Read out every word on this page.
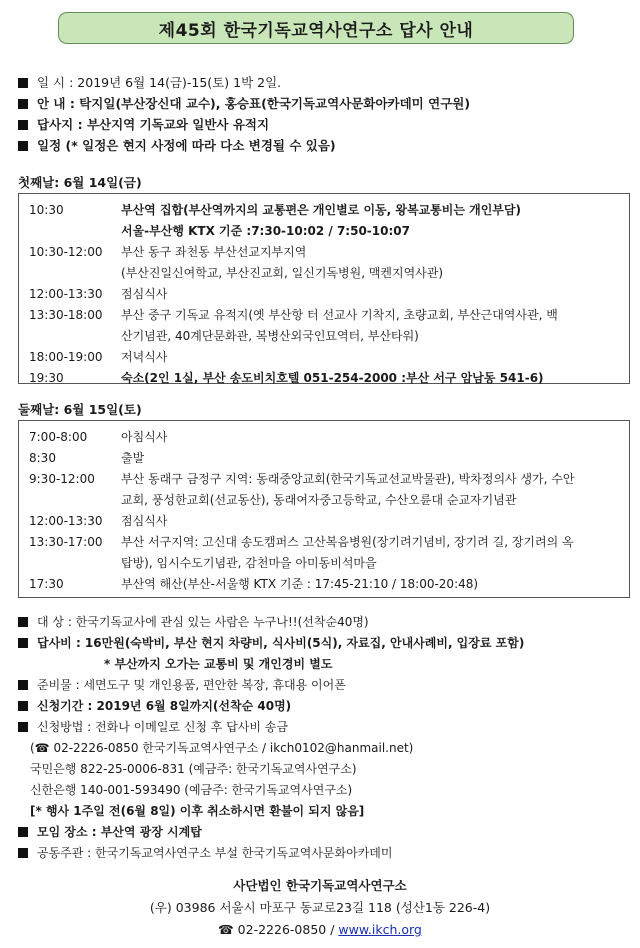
제45회 한국기독교역사연구소 답사 안내
일 시 : 2019년 6월 14(금)-15(토) 1박 2일.
안 내 : 탁지일(부산장신대 교수), 홍승표(한국기독교역사문화아카데미 연구원)
답사지 : 부산지역 기독교와 일반사 유적지
일정 (* 일정은 현지 사정에 따라 다소 변경될 수 있음)
첫째날: 6월 14일(금)
10:30	부산역 집합(부산역까지의 교통편은 개인별로 이동, 왕복교통비는 개인부담)
서울-부산행 KTX 기준 :7:30-10:02 / 7:50-10:07
10:30-12:00	부산 동구 좌천동 부산선교지부지역
(부산진일신여학교, 부산진교회, 일신기독병원, 맥켄지역사관)
12:00-13:30	점심식사
13:30-18:00	부산 중구 기독교 유적지(옛 부산항 터 선교사 기착지, 초량교회, 부산근대역사관, 백
산기념관, 40계단문화관, 복병산외국인묘역터, 부산타워)
18:00-19:00	저녁식사
19:30	숙소(2인 1실, 부산 송도비치호텔 051-254-2000 :부산 서구 암남동 541-6)
둘째날: 6월 15일(토)
7:00-8:00	아침식사
8:30	출발
9:30-12:00	부산 동래구 금정구 지역: 동래중앙교회(한국기독교선교박물관), 박차정의사 생가, 수안
교회, 풍성한교회(선교동산), 동래여자중고등학교, 수산오륜대 순교자기념관
12:00-13:30	점심식사
13:30-17:00	부산 서구지역: 고신대 송도캠퍼스 고산복음병원(장기려기념비, 장기려 길, 장기려의 옥
탑방), 임시수도기념관, 감천마을 아미동비석마을
17:30	부산역 해산(부산-서울행 KTX 기준 : 17:45-21:10 / 18:00-20:48)
대 상 : 한국기독교사에 관심 있는 사람은 누구나!!(선착순40명)
답사비 : 16만원(숙박비, 부산 현지 차량비, 식사비(5식), 자료집, 안내사례비, 입장료 포함)
* 부산까지 오가는 교통비 및 개인경비 별도
준비물 : 세면도구 및 개인용품, 편안한 복장, 휴대용 이어폰
신청기간 : 2019년 6월 8일까지(선착순 40명)
신청방법 : 전화나 이메일로 신청 후 답사비 송금
(☎ 02-2226-0850 한국기독교역사연구소 / ikch0102@hanmail.net)
국민은행 822-25-0006-831 (예금주: 한국기독교역사연구소)
신한은행 140-001-593490 (예금주: 한국기독교역사연구소)
[* 행사 1주일 전(6월 8일) 이후 취소하시면 환불이 되지 않음]
모임 장소 : 부산역 광장 시계탑
공동주관 : 한국기독교역사연구소 부설 한국기독교역사문화아카데미
사단법인 한국기독교역사연구소
(우) 03986 서울시 마포구 동교로23길 118 (성산1동 226-4)
☎ 02-2226-0850 / www.ikch.org
